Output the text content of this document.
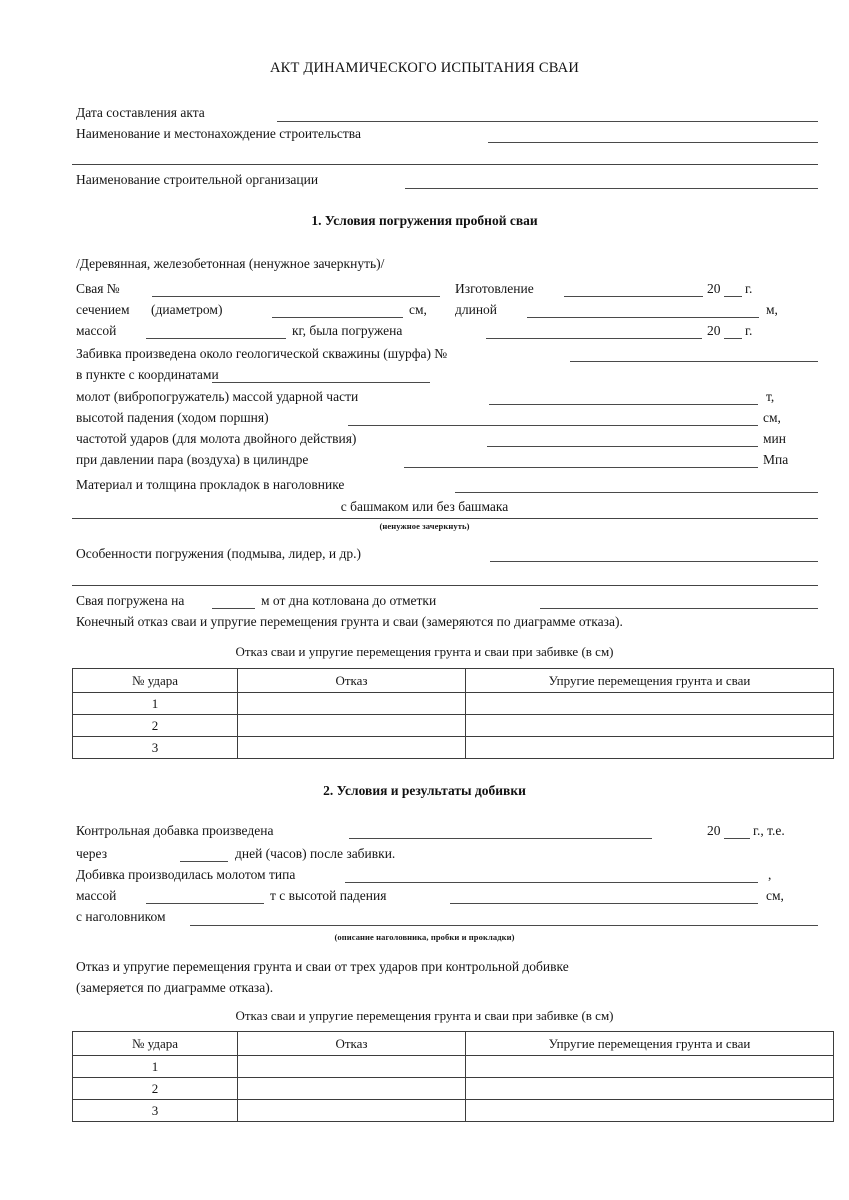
АКТ ДИНАМИЧЕСКОГО ИСПЫТАНИЯ СВАИ
Дата составления акта
Наименование и местонахождение строительства
Наименование строительной организации
1. Условия погружения пробной сваи
/Деревянная, железобетонная (ненужное зачеркнуть)/
Свая №	Изготовление	20 г.
сечением (диаметром)	см, длиной	м,
массой	кг, была погружена	20 г.
Забивка произведена около геологической скважины (шурфа) №
в пункте с координатами
молот (вибропогружатель) массой ударной части	т,
высотой падения (ходом поршня)	см,
частотой ударов (для молота двойного действия)	мин
при давлении пара (воздуха) в цилиндре	Мпа
Материал и толщина прокладок в наголовнике
с башмаком или без башмака
(ненужное зачеркнуть)
Особенности погружения (подмыва, лидер, и др.)
Свая погружена на	м от дна котлована до отметки
Конечный отказ сваи и упругие перемещения грунта и сваи (замеряются по диаграмме отказа).
Отказ сваи и упругие перемещения грунта и сваи при забивке (в см)
№ удара	Отказ	Упругие перемещения грунта и сваи
1		
2		
3		
2. Условия и результаты добивки
Контрольная добавка произведена	20 г., т.е.
через	дней (часов) после забивки.
Добивка производилась молотом типа	,
массой	т с высотой падения	см,
с наголовником
(описание наголовника, пробки и прокладки)
Отказ и упругие перемещения грунта и сваи от трех ударов при контрольной добивке
(замеряется по диаграмме отказа).
Отказ сваи и упругие перемещения грунта и сваи при забивке (в см)
№ удара	Отказ	Упругие перемещения грунта и сваи
1		
2		
3		
